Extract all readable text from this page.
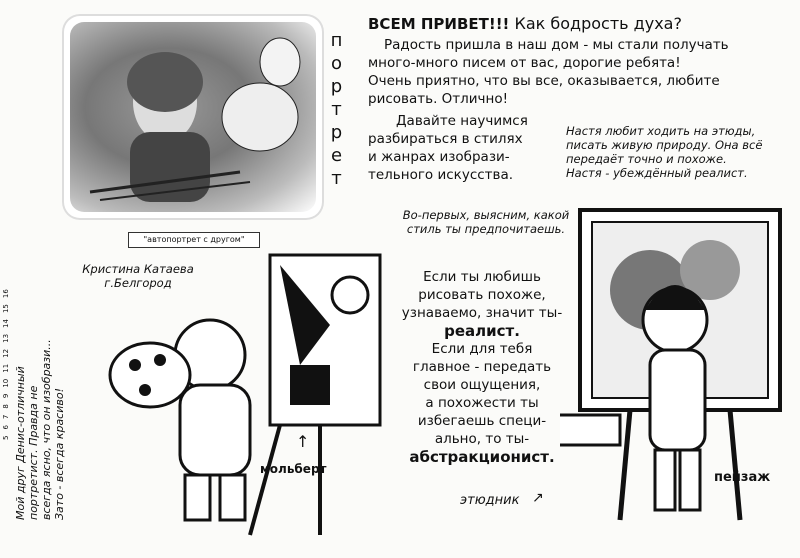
"автопортрет с другом"
портрет
ВСЕМ ПРИВЕТ!!! Как бодрость духа?

Радость пришла в наш дом - мы стали получать

много-много писем от вас, дорогие ребята!

Очень приятно, что вы все, оказывается, любите

рисовать. Отлично!

Давайте научимся

разбираться в стилях

и жанрах изобрази-

тельного искусства.

Настя любит ходить на этюды,
писать живую природу. Она всё
передаёт точно и похоже.
Настя - убеждённый реалист.
Во-первых, выясним, какой
стиль ты предпочитаешь.
Кристина Катаева
г.Белгород	Если ты любишь
рисовать похоже,
узнаваемо, значит ты-
реалист.
Если для тебя
главное - передать
свои ощущения,
а похожести ты
избегаешь специ-
ально, то ты-
абстракционист.
Мой друг Денис-отличный портретист. Правда не всегда ясно, что он изобрази... Зато - всегда красиво!
5
6
7
8
9
10
11
12
13
14
15
16
мольберт
↑
этюдник ↗
пейзаж
